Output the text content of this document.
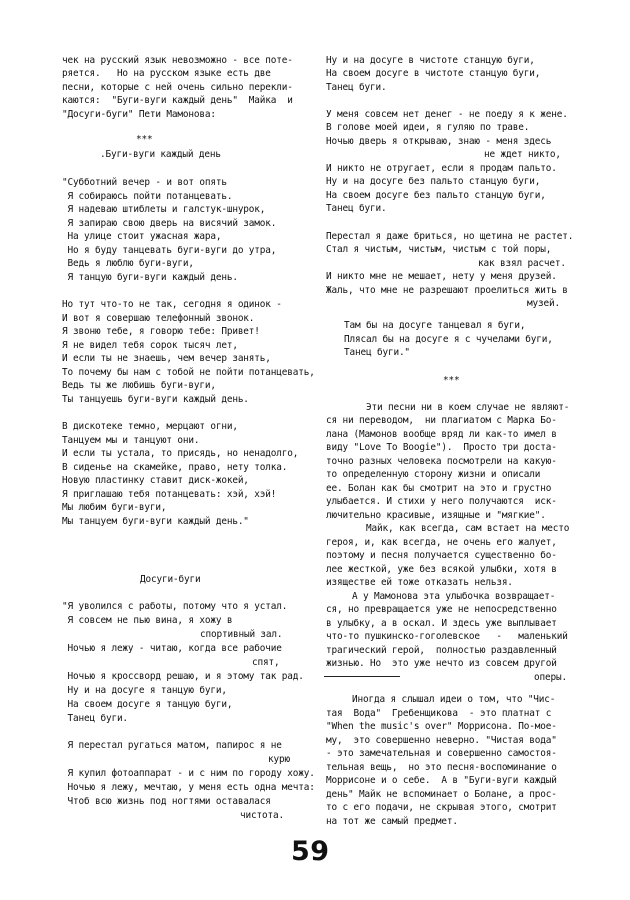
чек на русский язык невозможно - все поте-
ряется.   Но на русском языке есть две
песни, которые с ней очень сильно перекли-
каются:  "Буги-вуги каждый день"  Майка  и
"Досуги-буги" Пети Мамонова:
***
.Буги-вуги каждый день
"Субботний вечер - и вот опять
Я собираюсь пойти потанцевать.
Я надеваю штиблеты и галстук-шнурок,
Я запираю свою дверь на висячий замок.
На улице стоит ужасная жара,
Но я буду танцевать буги-вуги до утра,
Ведь я люблю буги-вуги,
Я танцую буги-вуги каждый день.
Но тут что-то не так, сегодня я одинок -
И вот я совершаю телефонный звонок.
Я звоню тебе, я говорю тебе: Привет!
Я не видел тебя сорок тысяч лет,
И если ты не знаешь, чем вечер занять,
То почему бы нам с тобой не пойти потанцевать,
Ведь ты же любишь буги-вуги,
Ты танцуешь буги-вуги каждый день.
В дискотеке темно, мерцают огни,
Танцуем мы и танцуют они.
И если ты устала, то присядь, но ненадолго,
В сиденье на скамейке, право, нету толка.
Новую пластинку ставит диск-жокей,
Я приглашаю тебя потанцевать: хэй, хэй!
Мы любим буги-вуги,
Мы танцуем буги-вуги каждый день."
Досуги-буги
"Я уволился с работы, потому что я устал.
Я совсем не пью вина, я хожу в
спортивный зал.
Ночью я лежу - читаю, когда все рабочие
спят,
Ночью я кроссворд решаю, и я этому так рад.
Ну и на досуге я танцую буги,
На своем досуге я танцую буги,
Танец буги.
Я перестал ругаться матом, папирос я не
курю
Я купил фотоаппарат - и с ним по городу хожу.
Ночью я лежу, мечтаю, у меня есть одна мечта:
Чтоб всю жизнь под ногтями оставалася
чистота.
Ну и на досуге в чистоте станцую буги,
На своем досуге в чистоте станцую буги,
Танец буги.
У меня совсем нет денег - не поеду я к жене.
В голове моей идеи, я гуляю по траве.
Ночью дверь я открываю, знаю - меня здесь
не ждет никто,
И никто не отругает, если я продам пальто.
Ну и на досуге без пальто станцую буги,
На своем досуге без пальто станцую буги,
Танец буги.
Перестал я даже бриться, но щетина не растет.
Стал я чистым, чистым, чистым с той поры,
как взял расчет.
И никто мне не мешает, нету у меня друзей.
Жаль, что мне не разрешают проелиться жить в
музей.
Там бы на досуге танцевал я буги,
Плясал бы на досуге я с чучелами буги,
Танец буги."
***
Эти песни ни в коем случае не являют-
ся ни переводом,  ни плагиатом с Марка Бо-
лана (Мамонов вообще вряд ли как-то имел в
виду "Love To Boogie").  Просто три доста-
точно разных человека посмотрели на какую-
то определенную сторону жизни и описали
ее. Болан как бы смотрит на это и грустно
улыбается. И стихи у него получаются  иск-
лючительно красивые, изящные и "мягкие".
Майк, как всегда, сам встает на место
героя, и, как всегда, не очень его жалует,
поэтому и песня получается существенно бо-
лее жесткой, уже без всякой улыбки, хотя в
изяществе ей тоже отказать нельзя.
А у Мамонова эта улыбочка возвращает-
ся, но превращается уже не непосредственно
в улыбку, а в оскал. И здесь уже выплывает
что-то пушкинско-гоголевское   -   маленький
трагический герой,  полностью раздавленный
жизнью. Но  это уже нечто из совсем другой
оперы.
Иногда я слышал идеи о том, что "Чис-
тая  Вода"  Гребенщикова  - это платнат с
"When the music's over" Моррисона. По-мое-
му,  это совершенно неверно. "Чистая вода"
- это замечательная и совершенно самостоя-
тельная вещь,  но это песня-воспоминание о
Моррисоне и о себе.  А в "Буги-вуги каждый
день" Майк не вспоминает о Болане, а прос-
то с его подачи, не скрывая этого, смотрит
на тот же самый предмет.
59
